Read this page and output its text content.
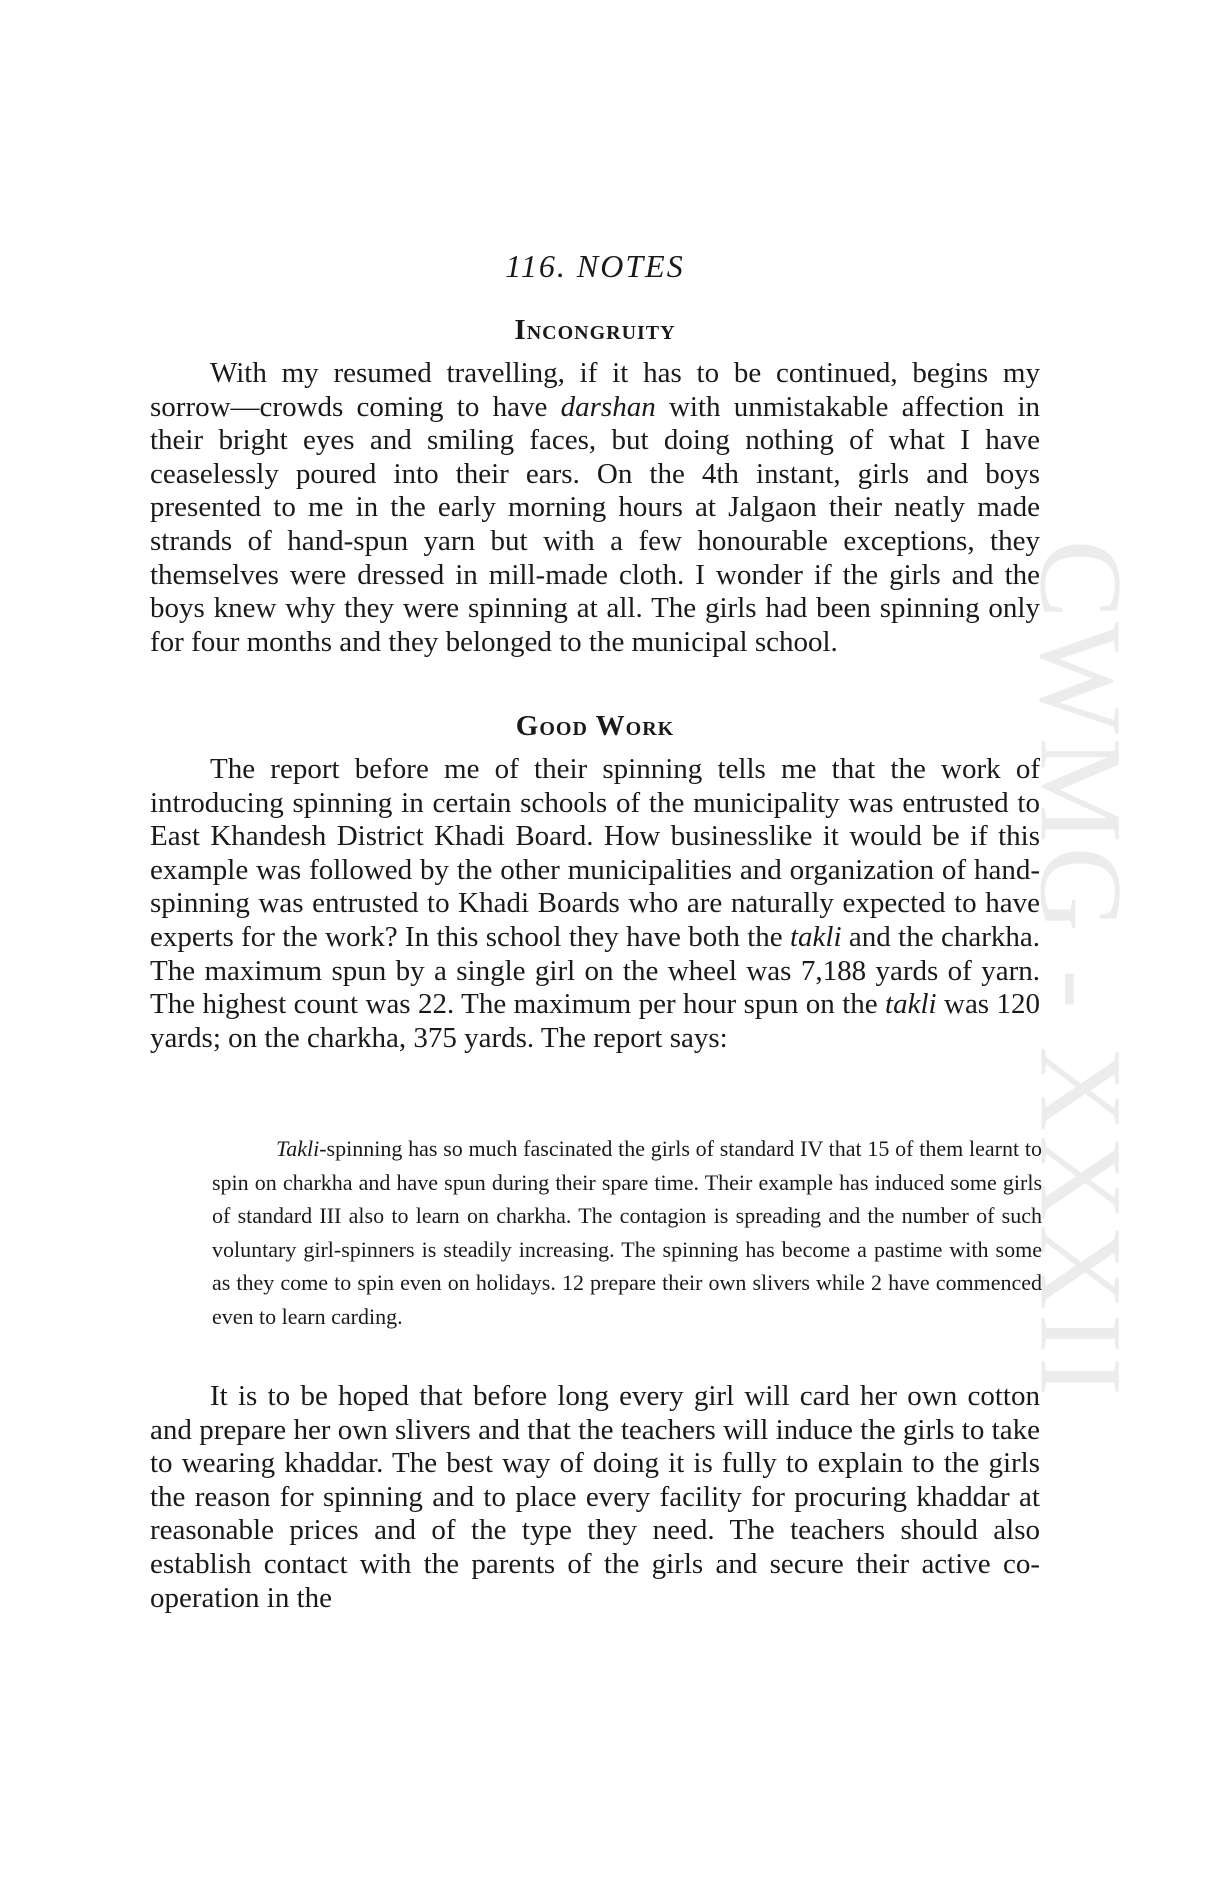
CWMG - XXXII
116. NOTES
Incongruity

With my resumed travelling, if it has to be continued, begins my sorrow—crowds coming to have darshan with unmistakable affection in their bright eyes and smiling faces, but doing nothing of what I have ceaselessly poured into their ears. On the 4th instant, girls and boys presented to me in the early morning hours at Jalgaon their neatly made strands of hand-spun yarn but with a few honourable exceptions, they themselves were dressed in mill-made cloth. I wonder if the girls and the boys knew why they were spinning at all. The girls had been spinning only for four months and they belonged to the municipal school.

Good Work

The report before me of their spinning tells me that the work of introducing spinning in certain schools of the municipality was entrusted to East Khandesh District Khadi Board. How businesslike it would be if this example was followed by the other municipalities and organization of hand-spinning was entrusted to Khadi Boards who are naturally expected to have experts for the work? In this school they have both the takli and the charkha. The maximum spun by a single girl on the wheel was 7,188 yards of yarn. The highest count was 22. The maximum per hour spun on the takli was 120 yards; on the charkha, 375 yards. The report says:

Takli-spinning has so much fascinated the girls of standard IV that 15 of them learnt to spin on charkha and have spun during their spare time. Their example has induced some girls of standard III also to learn on charkha. The contagion is spreading and the number of such voluntary girl-spinners is steadily increasing. The spinning has become a pastime with some as they come to spin even on holidays. 12 prepare their own slivers while 2 have commenced even to learn carding.

It is to be hoped that before long every girl will card her own cotton and prepare her own slivers and that the teachers will induce the girls to take to wearing khaddar. The best way of doing it is fully to explain to the girls the reason for spinning and to place every facility for procuring khaddar at reasonable prices and of the type they need. The teachers should also establish contact with the parents of the girls and secure their active co-operation in the
